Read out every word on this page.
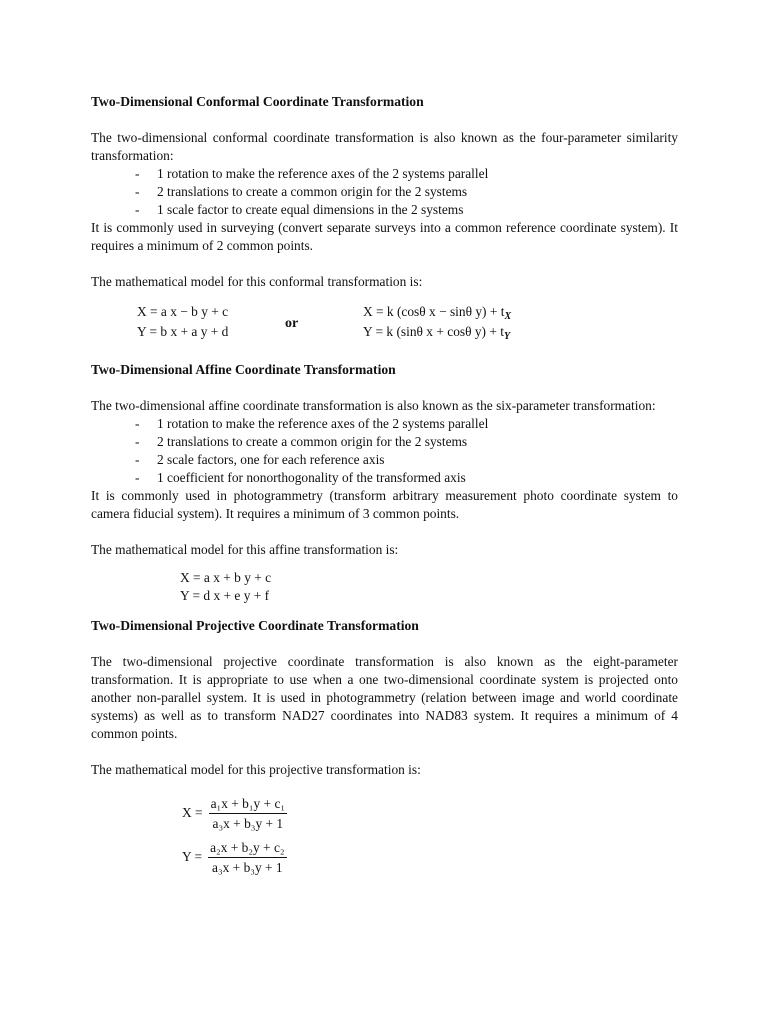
Two-Dimensional Conformal Coordinate Transformation

The two-dimensional conformal coordinate transformation is also known as the four-parameter similarity transformation:

- 1 rotation to make the reference axes of the 2 systems parallel
- 2 translations to create a common origin for the 2 systems
- 1 scale factor to create equal dimensions in the 2 systems

It is commonly used in surveying (convert separate surveys into a common reference coordinate system). It requires a minimum of 2 common points.

The mathematical model for this conformal transformation is:

X = a x − b y + c
Y = b x + a y + d
or
X = k (cosθ x − sinθ $y) + t_X$
Y = k (sinθ x + cosθ $y) + t_Y$
Two-Dimensional Affine Coordinate Transformation

The two-dimensional affine coordinate transformation is also known as the six-parameter transformation:

- 1 rotation to make the reference axes of the 2 systems parallel
- 2 translations to create a common origin for the 2 systems
- 2 scale factors, one for each reference axis
- 1 coefficient for nonorthogonality of the transformed axis

It is commonly used in photogrammetry (transform arbitrary measurement photo coordinate system to camera fiducial system). It requires a minimum of 3 common points.

The mathematical model for this affine transformation is:

X = a x + b y + c
Y = d x + e y + f
Two-Dimensional Projective Coordinate Transformation

The two-dimensional projective coordinate transformation is also known as the eight-parameter transformation. It is appropriate to use when a one two-dimensional coordinate system is projected onto another non-parallel system. It is used in photogrammetry (relation between image and world coordinate systems) as well as to transform NAD27 coordinates into NAD83 system. It requires a minimum of 4 common points.

The mathematical model for this projective transformation is:

$X = \frac{\text{a₁x + b₁y + c₁}}{\text{a₃x + b₃y + 1}}$
$Y = \frac{\text{a₂x + b₂y + c₂}}{\text{a₃x + b₃y + 1}}$
